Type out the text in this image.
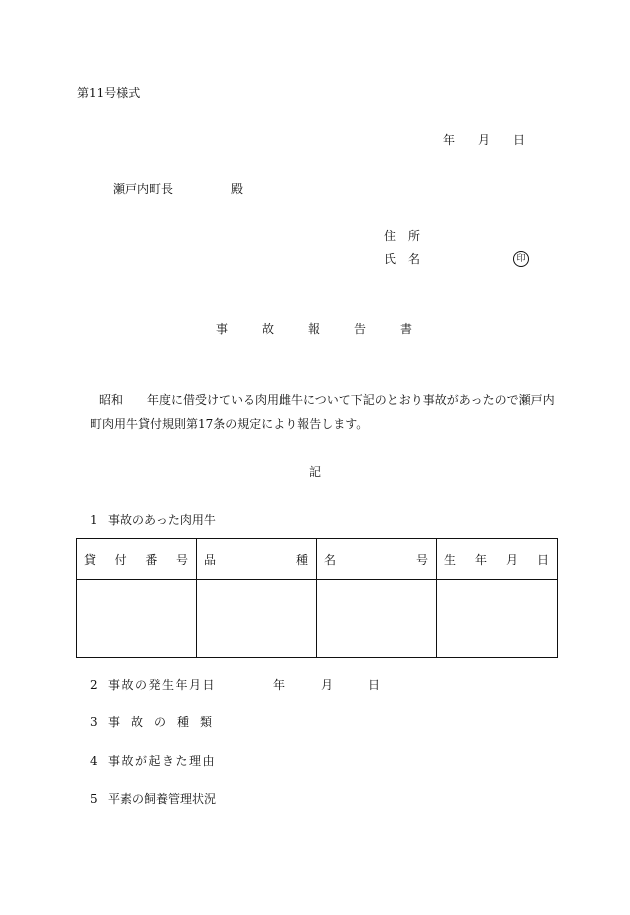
第11号様式
年 月 日
瀬戸内町長	殿
住 所
氏 名	印
事	故	報	告	書
昭和 年度に借受けている肉用雌牛について下記のとおり事故があったので瀬戸内
町肉用牛貸付規則第17条の規定により報告します。
記
1 事故のあった肉用牛
貸 付 番 号	品 種	名 号	生 年 月 日

2 事故の発生年月日	年	月	日
3 事 故 の 種 類
4 事故が起きた理由
5 平素の飼養管理状況
